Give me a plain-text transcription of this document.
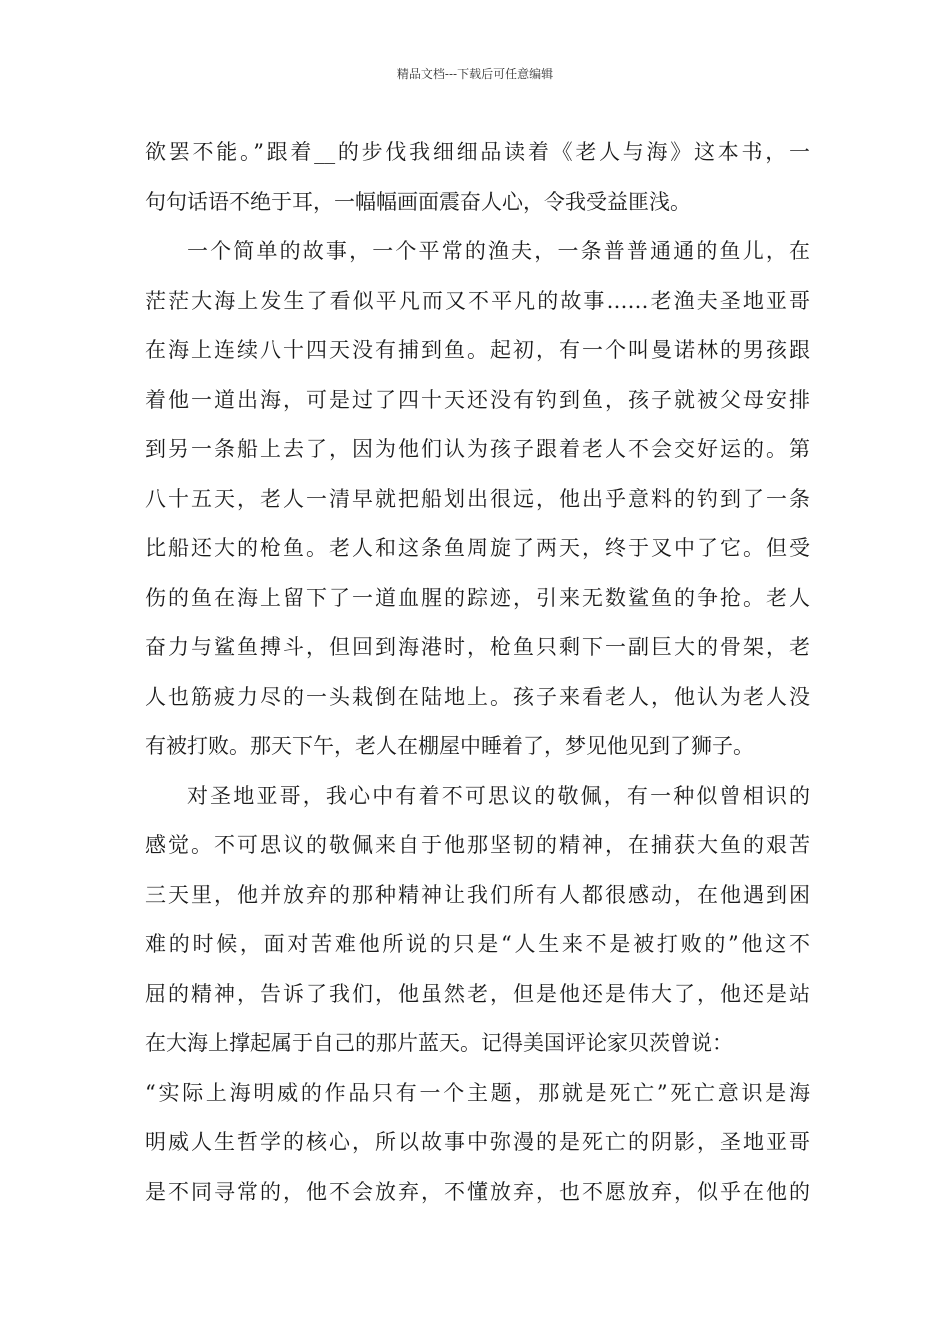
精品文档---下载后可任意编辑
欲罢不能。”跟着__的步伐我细细品读着《老人与海》这本书，一
句句话语不绝于耳，一幅幅画面震奋人心，令我受益匪浅。
一个简单的故事，一个平常的渔夫，一条普普通通的鱼儿，在
茫茫大海上发生了看似平凡而又不平凡的故事……老渔夫圣地亚哥
在海上连续八十四天没有捕到鱼。起初，有一个叫曼诺林的男孩跟
着他一道出海，可是过了四十天还没有钓到鱼，孩子就被父母安排
到另一条船上去了，因为他们认为孩子跟着老人不会交好运的。第
八十五天，老人一清早就把船划出很远，他出乎意料的钓到了一条
比船还大的枪鱼。老人和这条鱼周旋了两天，终于叉中了它。但受
伤的鱼在海上留下了一道血腥的踪迹，引来无数鲨鱼的争抢。老人
奋力与鲨鱼搏斗，但回到海港时，枪鱼只剩下一副巨大的骨架，老
人也筋疲力尽的一头栽倒在陆地上。孩子来看老人，他认为老人没
有被打败。那天下午，老人在棚屋中睡着了，梦见他见到了狮子。
对圣地亚哥，我心中有着不可思议的敬佩，有一种似曾相识的
感觉。不可思议的敬佩来自于他那坚韧的精神，在捕获大鱼的艰苦
三天里，他并放弃的那种精神让我们所有人都很感动，在他遇到困
难的时候，面对苦难他所说的只是“人生来不是被打败的”他这不
屈的精神，告诉了我们，他虽然老，但是他还是伟大了，他还是站
在大海上撑起属于自己的那片蓝天。记得美国评论家贝茨曾说：
“实际上海明威的作品只有一个主题，那就是死亡”死亡意识是海
明威人生哲学的核心，所以故事中弥漫的是死亡的阴影，圣地亚哥
是不同寻常的，他不会放弃，不懂放弃，也不愿放弃，似乎在他的
